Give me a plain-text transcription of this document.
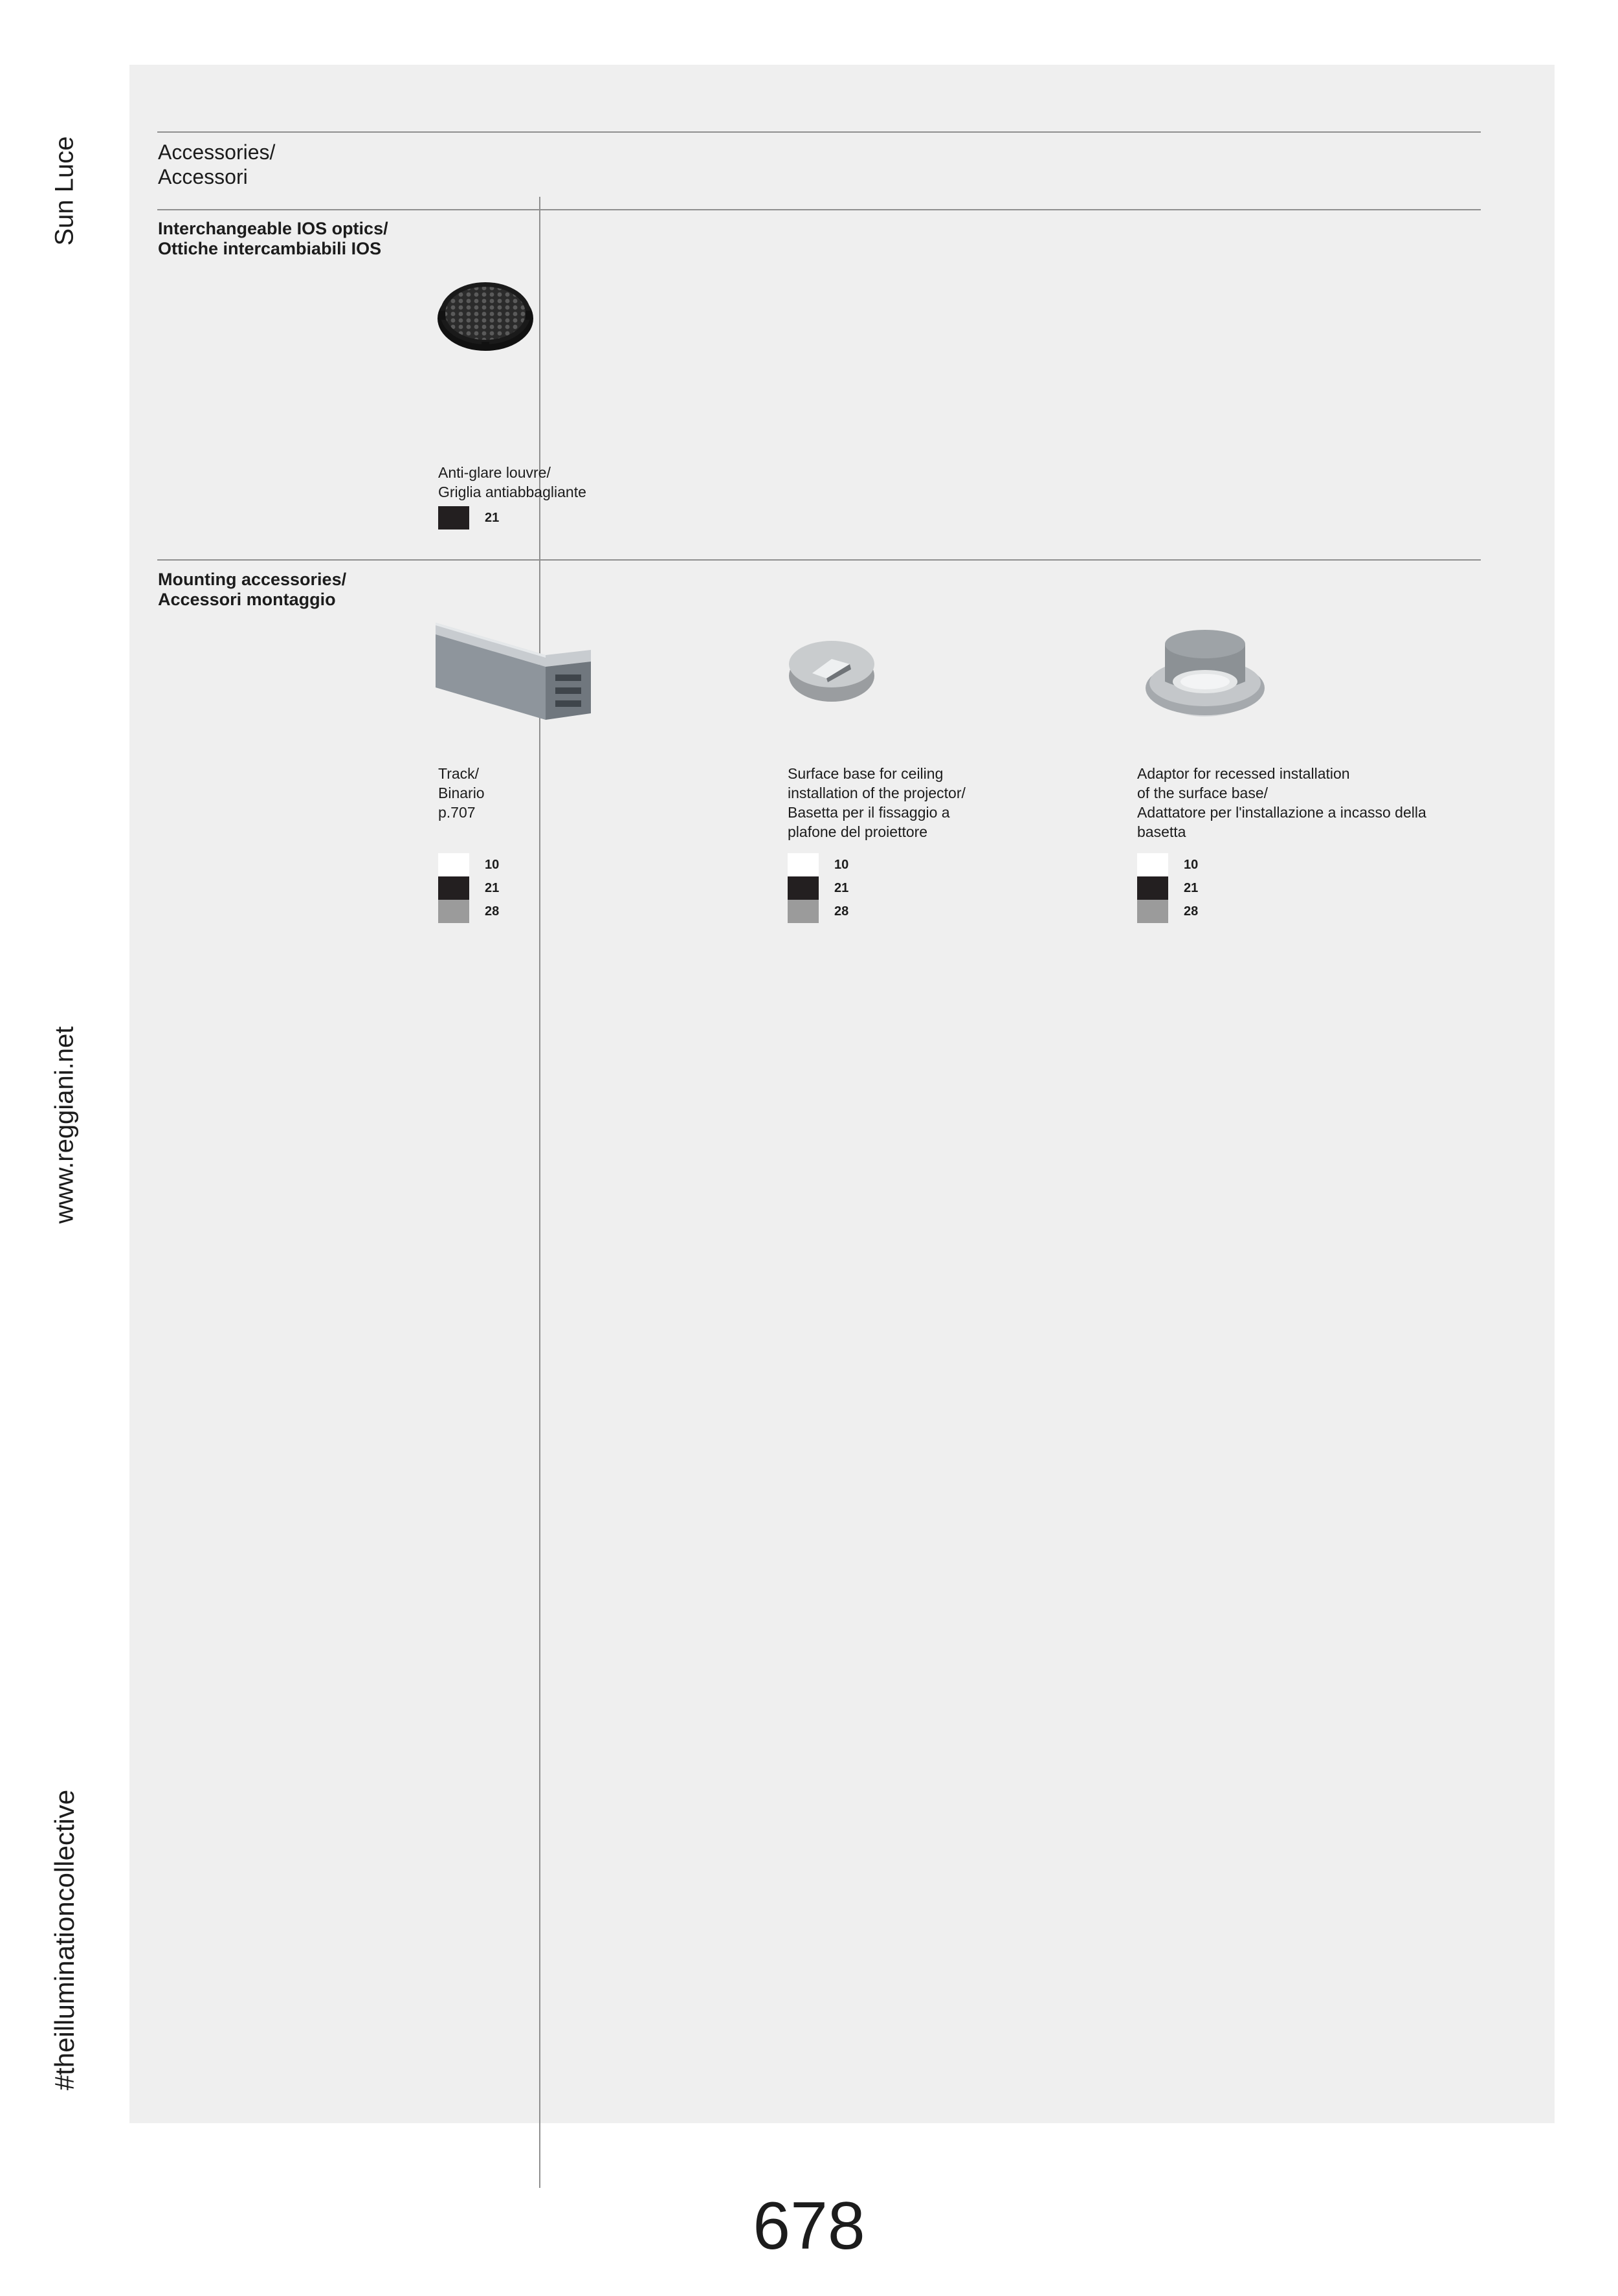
Sun Luce
www.reggiani.net
#theilluminationcollective
Accessories/
Accessori
Interchangeable IOS optics/
Ottiche intercambiabili IOS
Mounting accessories/
Accessori montaggio
Anti-glare louvre/
Griglia antiabbagliante
21
Track/
Binario
p.707
10
21
28
Surface base for ceiling
installation of the projector/
Basetta per il fissaggio a
plafone del proiettore
10
21
28
Adaptor for recessed installation
of the surface base/
Adattatore per l'installazione a incasso della
basetta
10
21
28
678
